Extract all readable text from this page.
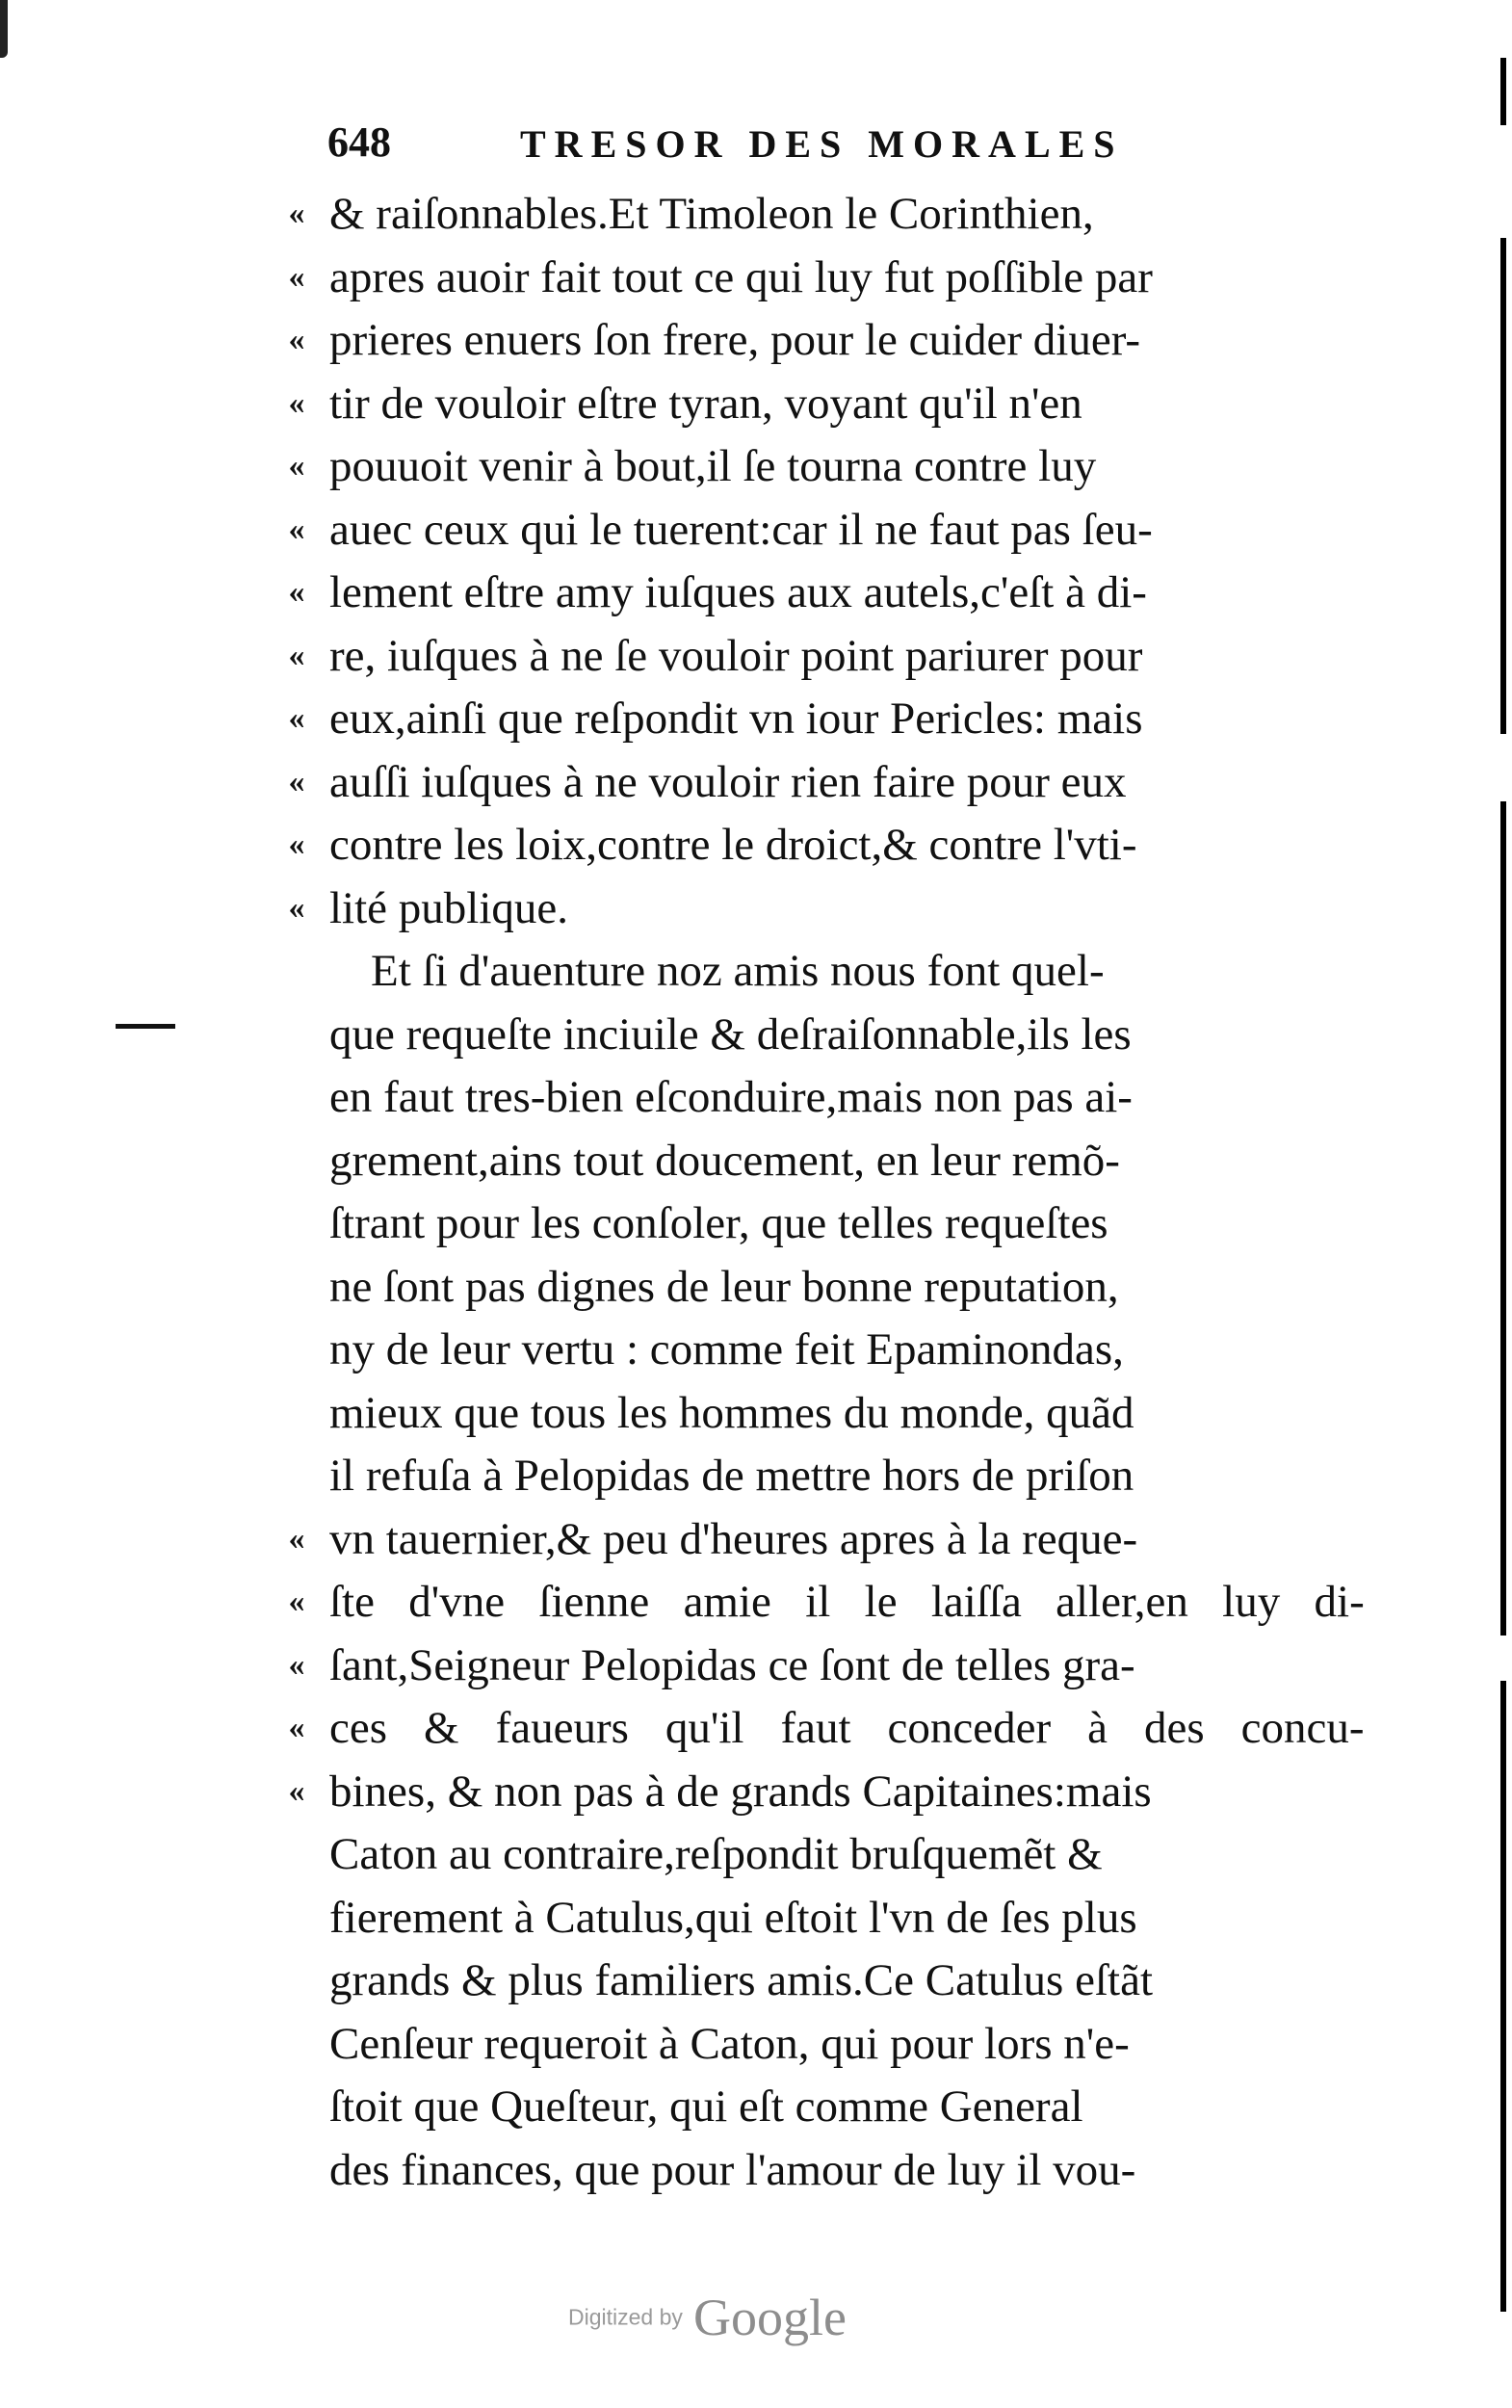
648	TRESOR DES MORALES
« & raiſonnables.Et Timoleon le Corinthien,
« apres auoir fait tout ce qui luy fut poſſible par
« prieres enuers ſon frere, pour le cuider diuer-
« tir de vouloir eſtre tyran, voyant qu'il n'en
« pouuoit venir à bout,il ſe tourna contre luy
« auec ceux qui le tuerent:car il ne faut pas ſeu-
« lement eſtre amy iuſques aux autels,c'eſt à di-
« re, iuſques à ne ſe vouloir point pariurer pour
« eux,ainſi que reſpondit vn iour Pericles: mais
« auſſi iuſques à ne vouloir rien faire pour eux
« contre les loix,contre le droict,& contre l'vti-
« lité publique.
Et ſi d'auenture noz amis nous font quel-
que requeſte inciuile & deſraiſonnable,ils les
en faut tres-bien eſconduire,mais non pas ai-
grement,ains tout doucement, en leur remõ-
ſtrant pour les conſoler, que telles requeſtes
ne ſont pas dignes de leur bonne reputation,
ny de leur vertu : comme feit Epaminondas,
mieux que tous les hommes du monde, quãd
il refuſa à Pelopidas de mettre hors de priſon
« vn tauernier,& peu d'heures apres à la reque-
« ſte d'vne ſienne amie il le laiſſa aller,en luy di-
« ſant,Seigneur Pelopidas ce ſont de telles gra-
« ces & faueurs qu'il faut conceder à des concu-
« bines, & non pas à de grands Capitaines:mais
Caton au contraire,reſpondit bruſquemẽt &
fierement à Catulus,qui eſtoit l'vn de ſes plus
grands & plus familiers amis.Ce Catulus eſtãt
Cenſeur requeroit à Caton, qui pour lors n'e-
ſtoit que Queſteur, qui eſt comme General
des finances, que pour l'amour de luy il vou-
Digitized by Google
